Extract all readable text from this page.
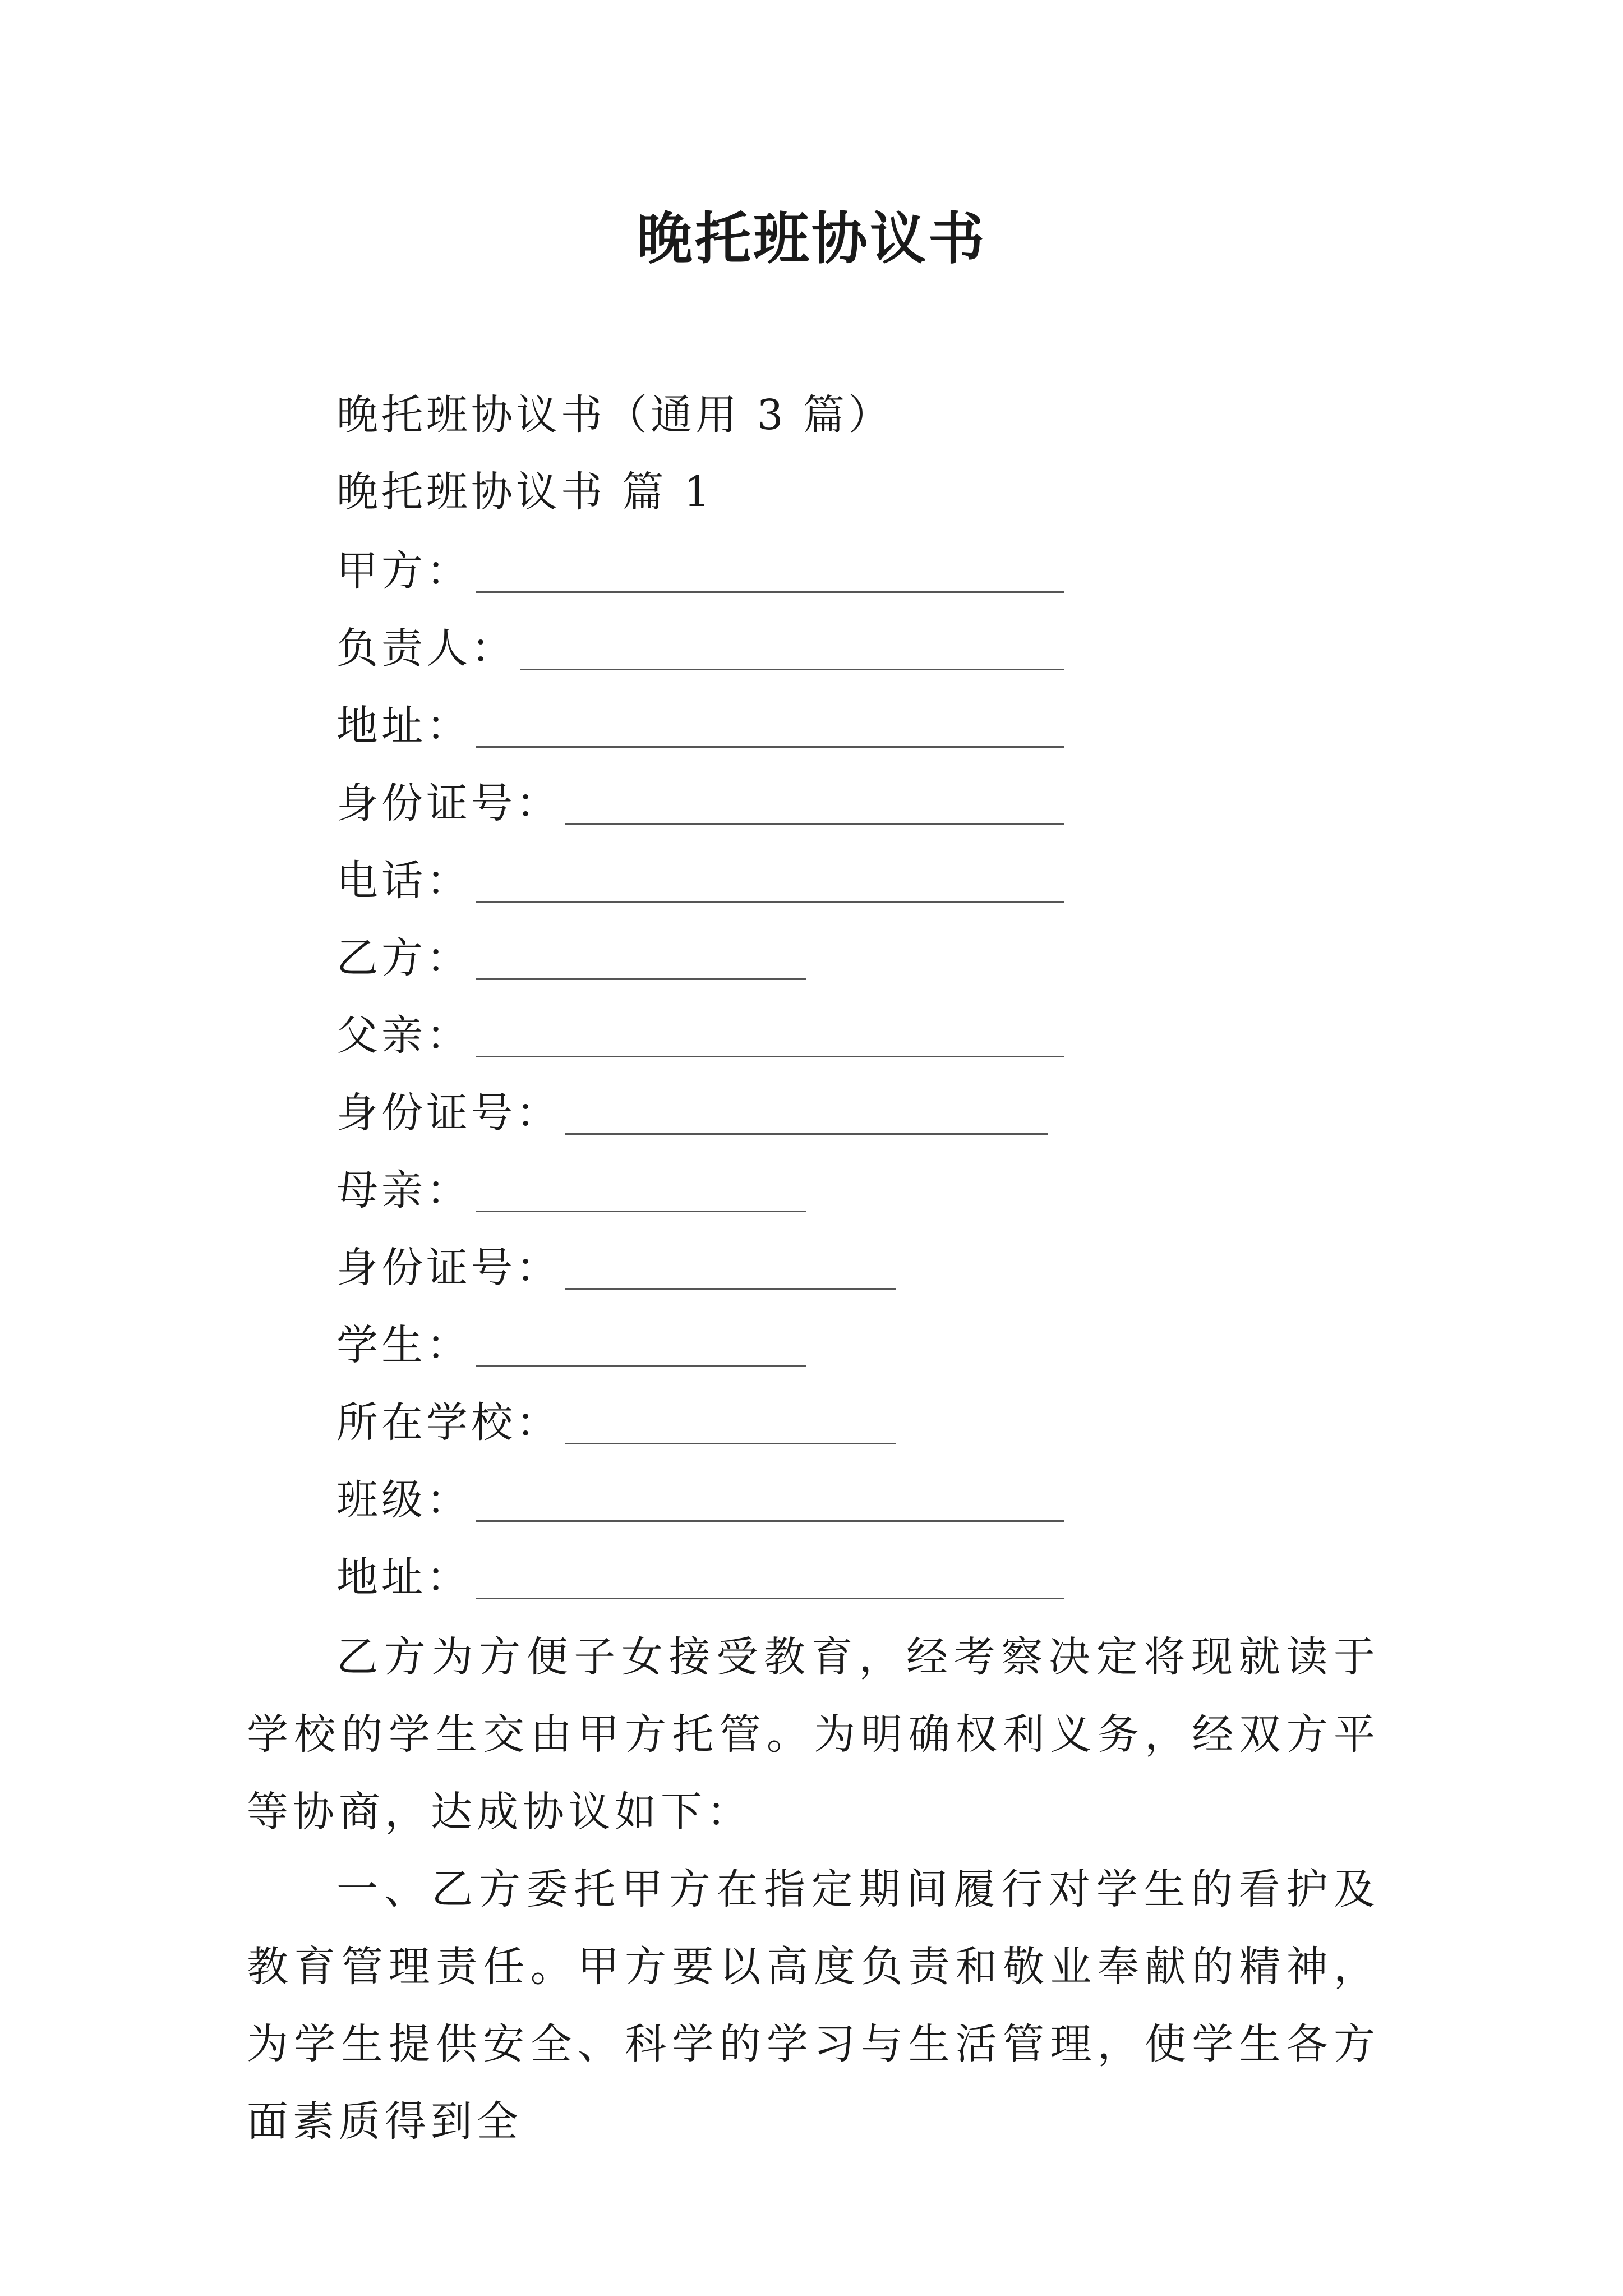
晚托班协议书
晚托班协议书（通用 3 篇）
晚托班协议书 篇 1
甲方：
负责人：
地址：
身份证号：
电话：
乙方：
父亲：
身份证号：
母亲：
身份证号：
学生：
所在学校：
班级：
地址：

乙方为方便子女接受教育，经考察决定将现就读于学校的学生交由甲方托管。为明确权利义务，经双方平等协商，达成协议如下：

一、乙方委托甲方在指定期间履行对学生的看护及教育管理责任。甲方要以高度负责和敬业奉献的精神，为学生提供安全、科学的学习与生活管理，使学生各方面素质得到全
